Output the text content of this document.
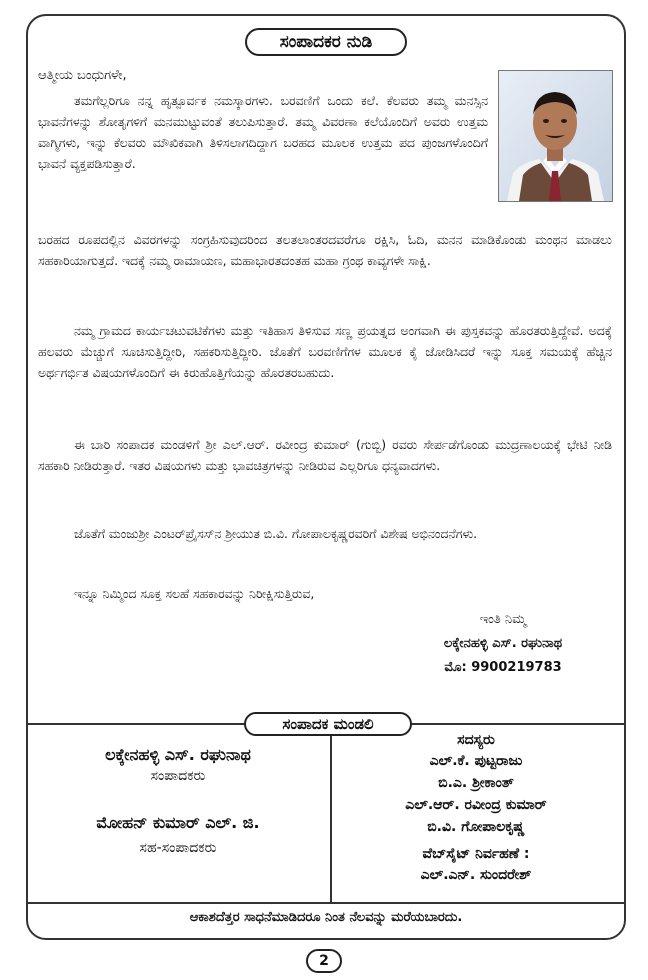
ಸಂಪಾದಕರ ನುಡಿ
ಆತ್ಮೀಯ ಬಂಧುಗಳೇ,

ತಮಗೆಲ್ಲರಿಗೂ ನನ್ನ ಹೃತ್ಪೂರ್ವಕ ನಮಸ್ಕಾರಗಳು. ಬರವಣಿಗೆ ಒಂದು ಕಲೆ. ಕೆಲವರು ತಮ್ಮ ಮನಸ್ಸಿನ ಭಾವನೆಗಳನ್ನು ಶೋತೃಗಳಿಗೆ ಮನಮುಟ್ಟುವಂತೆ ತಲುಪಿಸುತ್ತಾರೆ. ತಮ್ಮ ವಿವರಣಾ ಕಲೆಯೊಂದಿಗೆ ಅವರು ಉತ್ತಮ ವಾಗ್ಮಿಗಳು, ಇನ್ನು ಕೆಲವರು ಮೌಖಿಕವಾಗಿ ತಿಳಿಸಲಾಗದಿದ್ದಾಗ ಬರಹದ ಮೂಲಕ ಉತ್ತಮ ಪದ ಪುಂಜಗಳೊಂದಿಗೆ ಭಾವನೆ ವ್ಯಕ್ತಪಡಿಸುತ್ತಾರೆ.

ಬರಹದ ರೂಪದಲ್ಲಿನ ವಿವರಗಳನ್ನು ಸಂಗ್ರಹಿಸುವುದರಿಂದ ತಲತಲಾಂತರದವರೆಗೂ ರಕ್ಷಿಸಿ, ಓದಿ, ಮನನ ಮಾಡಿಕೊಂಡು ಮಂಥನ ಮಾಡಲು ಸಹಕಾರಿಯಾಗುತ್ತದೆ. ಇದಕ್ಕೆ ನಮ್ಮ ರಾಮಾಯಣ, ಮಹಾಭಾರತದಂತಹ ಮಹಾ ಗ್ರಂಥ ಕಾವ್ಯಗಳೇ ಸಾಕ್ಷಿ.

ನಮ್ಮ ಗ್ರಾಮದ ಕಾರ್ಯಚಟುವಟಿಕೆಗಳು ಮತ್ತು ಇತಿಹಾಸ ತಿಳಿಸುವ ಸಣ್ಣ ಪ್ರಯತ್ನದ ಅಂಗವಾಗಿ ಈ ಪುಸ್ತಕವನ್ನು ಹೊರತರುತ್ತಿದ್ದೇವೆ. ಅದಕ್ಕೆ ಹಲವರು ಮೆಚ್ಚುಗೆ ಸೂಚಿಸುತ್ತಿದ್ದೀರಿ, ಸಹಕರಿಸುತ್ತಿದ್ದೀರಿ. ಜೊತೆಗೆ ಬರವಣಿಗೆಗಳ ಮೂಲಕ ಕೈ ಜೋಡಿಸಿದರೆ ಇನ್ನು ಸೂಕ್ತ ಸಮಯಕ್ಕೆ ಹೆಚ್ಚಿನ ಅರ್ಥಗರ್ಭಿತ ವಿಷಯಗಳೊಂದಿಗೆ ಈ ಕಿರುಹೊತ್ತಿಗೆಯನ್ನು ಹೊರತರಬಹುದು.

ಈ ಬಾರಿ ಸಂಪಾದಕ ಮಂಡಳಿಗೆ ಶ್ರೀ ಎಲ್.ಆರ್. ರವೀಂದ್ರ ಕುಮಾರ್ (ಗುಬ್ಬಿ) ರವರು ಸೇರ್ಪಡೆಗೊಂಡು ಮುದ್ರಣಾಲಯಕ್ಕೆ ಭೇಟಿ ನೀಡಿ ಸಹಕಾರಿ ನೀಡಿರುತ್ತಾರೆ. ಇತರ ವಿಷಯಗಳು ಮತ್ತು ಭಾವಚಿತ್ರಗಳನ್ನು ನೀಡಿರುವ ಎಲ್ಲರಿಗೂ ಧನ್ಯವಾದಗಳು.

ಜೊತೆಗೆ ಮಂಜುಶ್ರೀ ಎಂಟರ್‌ಪ್ರೈಸಸ್‌ನ ಶ್ರೀಯುತ ಬಿ.ವಿ. ಗೋಪಾಲಕೃಷ್ಣರವರಿಗೆ ವಿಶೇಷ ಅಭಿನಂದನೆಗಳು.

ಇನ್ನೂ ನಿಮ್ಮಿಂದ ಸೂಕ್ತ ಸಲಹೆ ಸಹಕಾರವನ್ನು ನಿರೀಕ್ಷಿಸುತ್ತಿರುವ,

ಇಂತಿ ನಿಮ್ಮ
ಲಕ್ಕೇನಹಳ್ಳಿ ಎಸ್. ರಘುನಾಥ
ಮೊ: 9900219783
ಸಂಪಾದಕ ಮಂಡಲಿ
ಲಕ್ಕೇನಹಳ್ಳಿ ಎಸ್. ರಘುನಾಥ
ಸಂಪಾದಕರು
ಮೋಹನ್ ಕುಮಾರ್ ಎಲ್. ಜಿ.
ಸಹ-ಸಂಪಾದಕರು
ಸದಸ್ಯರು
ಎಲ್.ಕೆ. ಪುಟ್ಟರಾಜು
ಬಿ.ಎ. ಶ್ರೀಕಾಂತ್
ಎಲ್.ಆರ್. ರವೀಂದ್ರ ಕುಮಾರ್
ಬಿ.ವಿ. ಗೋಪಾಲಕೃಷ್ಣ
ವೆಬ್‌ಸೈಟ್ ನಿರ್ವಹಣೆ :
ಎಲ್.ಎನ್. ಸುಂದರೇಶ್
ಆಕಾಶದೆತ್ತರ ಸಾಧನೆಮಾಡಿದರೂ ನಿಂತ ನೆಲವನ್ನು ಮರೆಯಬಾರದು.
2
